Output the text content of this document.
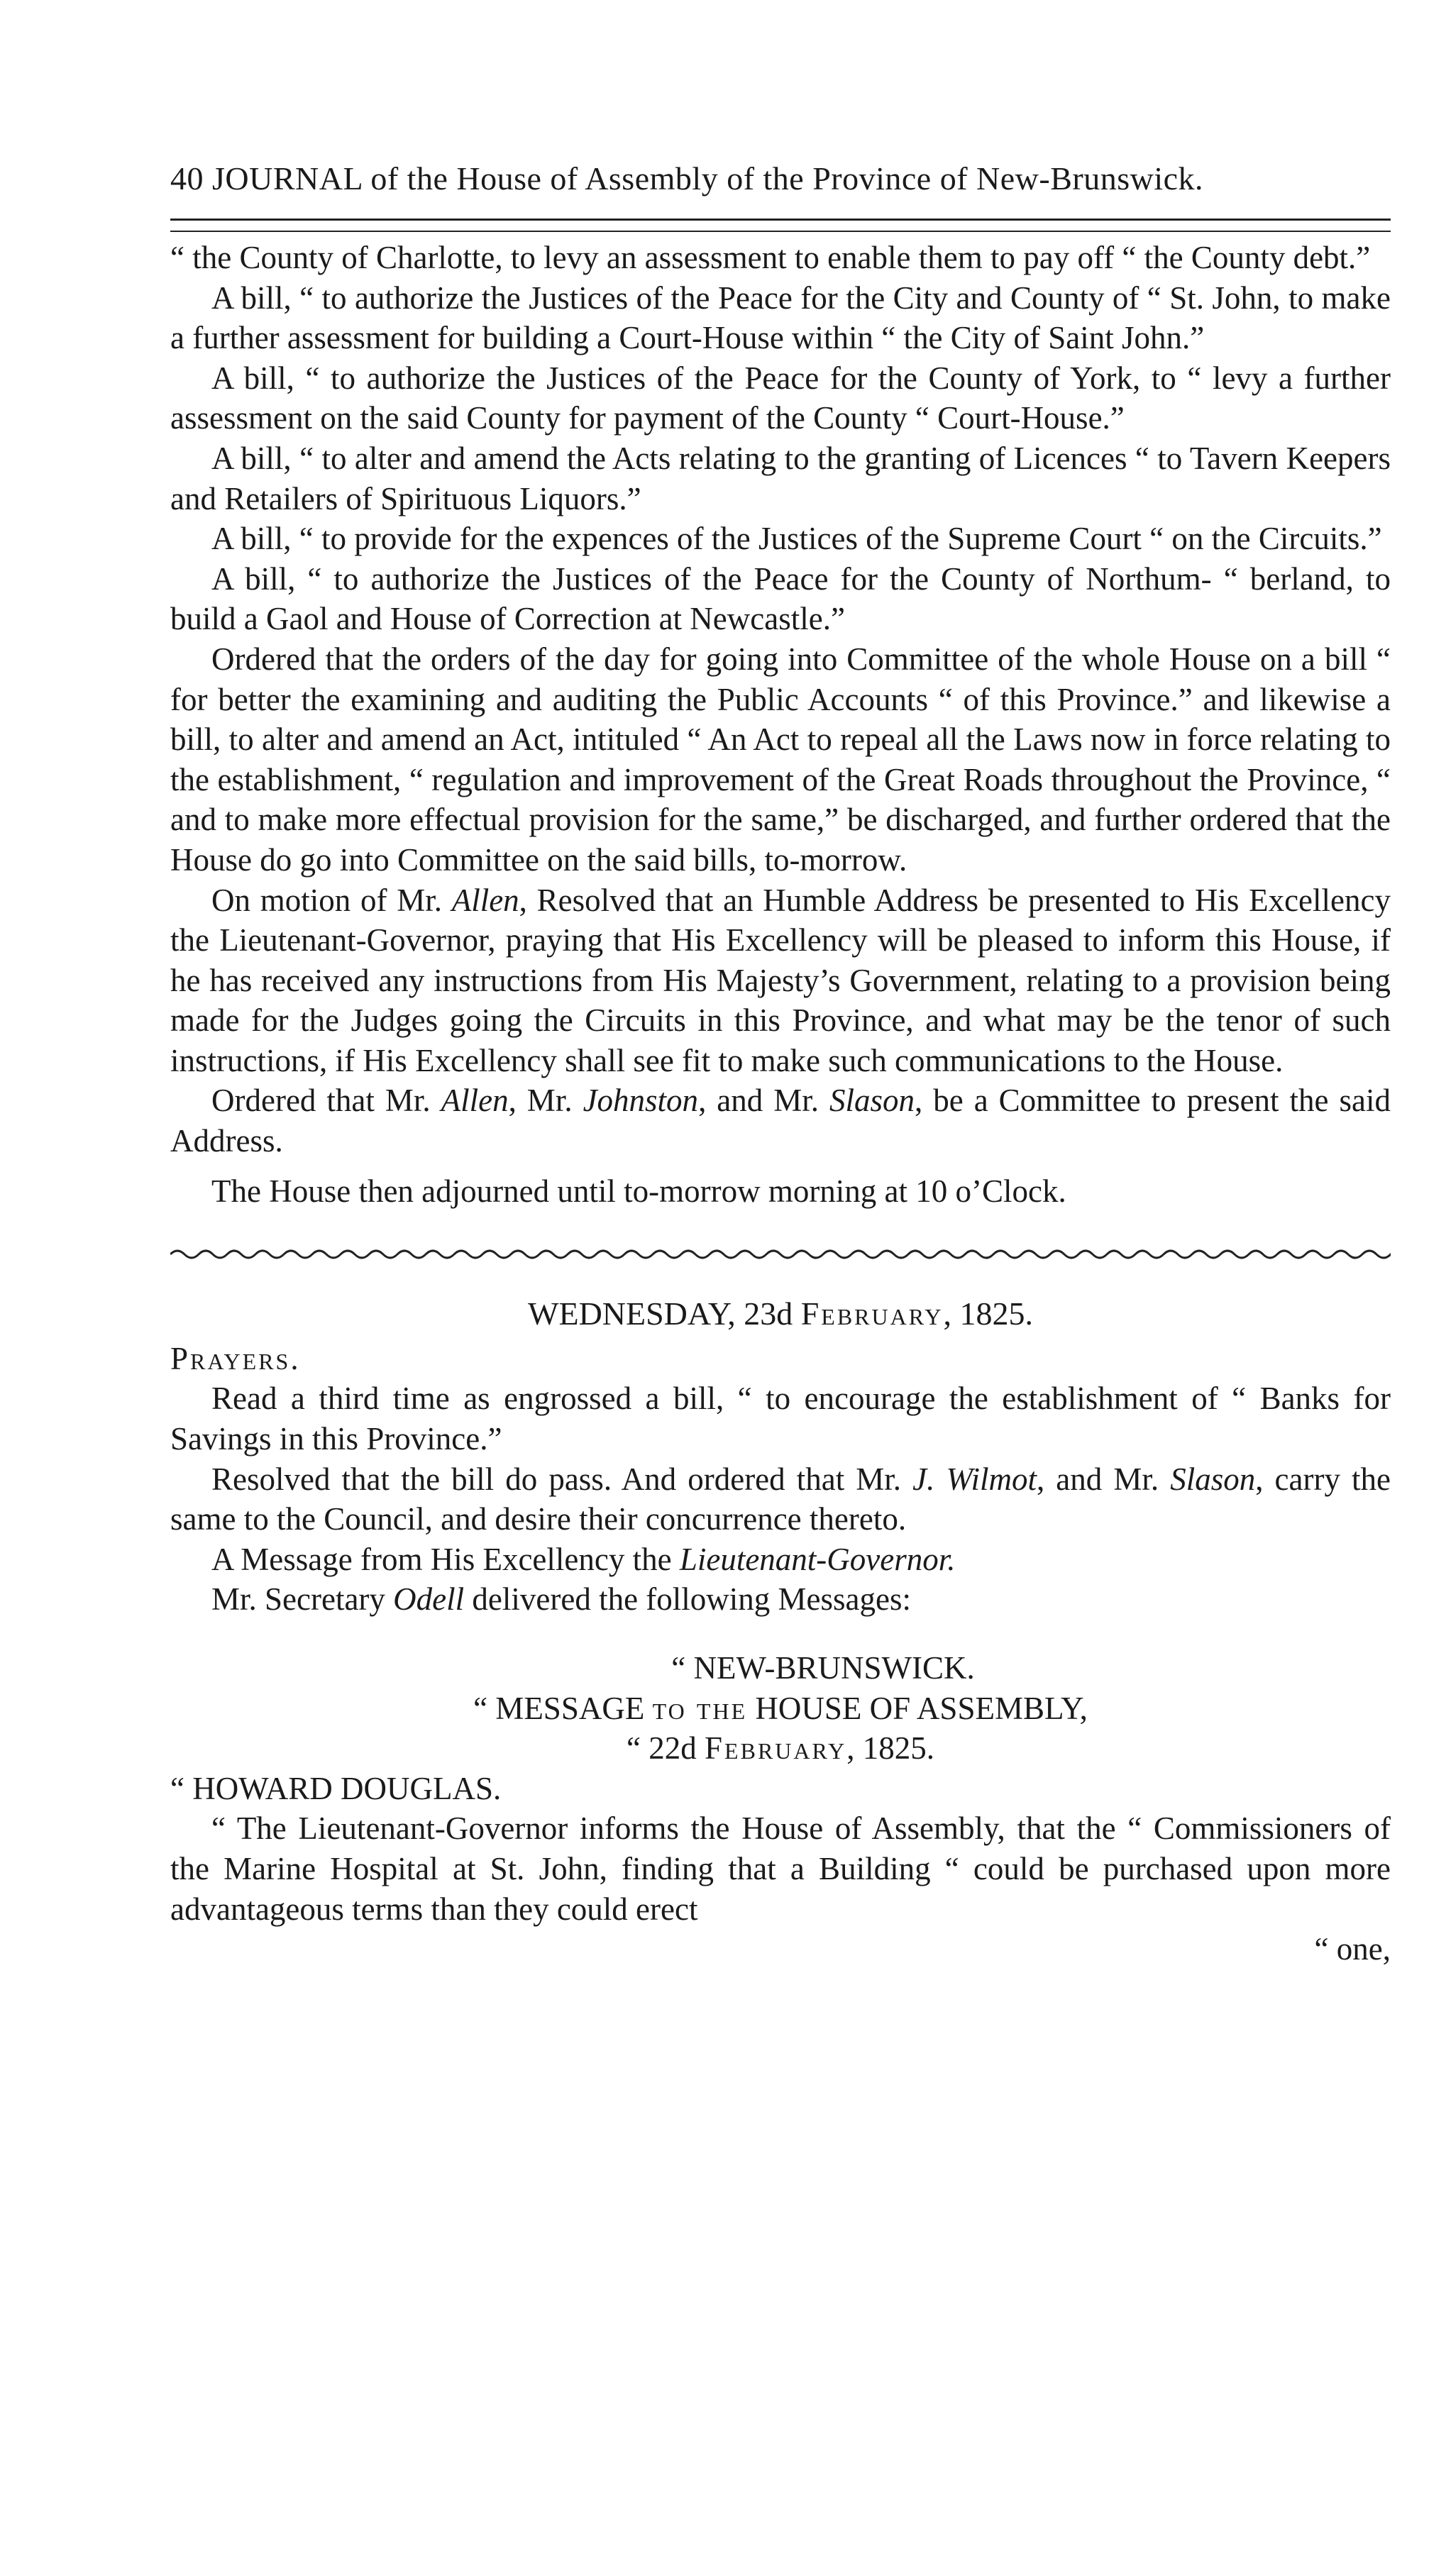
40 JOURNAL of the House of Assembly of the Province of New-Brunswick.

“ the County of Charlotte, to levy an assessment to enable them to pay off “ the County debt.”

A bill, “ to authorize the Justices of the Peace for the City and County of “ St. John, to make a further assessment for building a Court-House within “ the City of Saint John.”

A bill, “ to authorize the Justices of the Peace for the County of York, to “ levy a further assessment on the said County for payment of the County “ Court-House.”

A bill, “ to alter and amend the Acts relating to the granting of Licences “ to Tavern Keepers and Retailers of Spirituous Liquors.”

A bill, “ to provide for the expences of the Justices of the Supreme Court “ on the Circuits.”

A bill, “ to authorize the Justices of the Peace for the County of Northum- “ berland, to build a Gaol and House of Correction at Newcastle.”

Ordered that the orders of the day for going into Committee of the whole House on a bill “ for better the examining and auditing the Public Accounts “ of this Province.” and likewise a bill, to alter and amend an Act, intituled “ An Act to repeal all the Laws now in force relating to the establishment, “ regulation and improvement of the Great Roads throughout the Province, “ and to make more effectual provision for the same,” be discharged, and further ordered that the House do go into Committee on the said bills, to-morrow.

On motion of Mr. Allen, Resolved that an Humble Address be presented to His Excellency the Lieutenant-Governor, praying that His Excellency will be pleased to inform this House, if he has received any instructions from His Majesty’s Government, relating to a provision being made for the Judges going the Circuits in this Province, and what may be the tenor of such instructions, if His Excellency shall see fit to make such communications to the House.

Ordered that Mr. Allen, Mr. Johnston, and Mr. Slason, be a Committee to present the said Address.

The House then adjourned until to-morrow morning at 10 o’Clock.

WEDNESDAY, 23d February, 1825.

Prayers.

Read a third time as engrossed a bill, “ to encourage the establishment of “ Banks for Savings in this Province.”

Resolved that the bill do pass. And ordered that Mr. J. Wilmot, and Mr. Slason, carry the same to the Council, and desire their concurrence thereto.

A Message from His Excellency the Lieutenant-Governor.

Mr. Secretary Odell delivered the following Messages:

“ NEW-BRUNSWICK.

“ MESSAGE to the HOUSE OF ASSEMBLY,

“ 22d February, 1825.

“ HOWARD DOUGLAS.

“ The Lieutenant-Governor informs the House of Assembly, that the “ Commissioners of the Marine Hospital at St. John, finding that a Building “ could be purchased upon more advantageous terms than they could erect

“ one,
